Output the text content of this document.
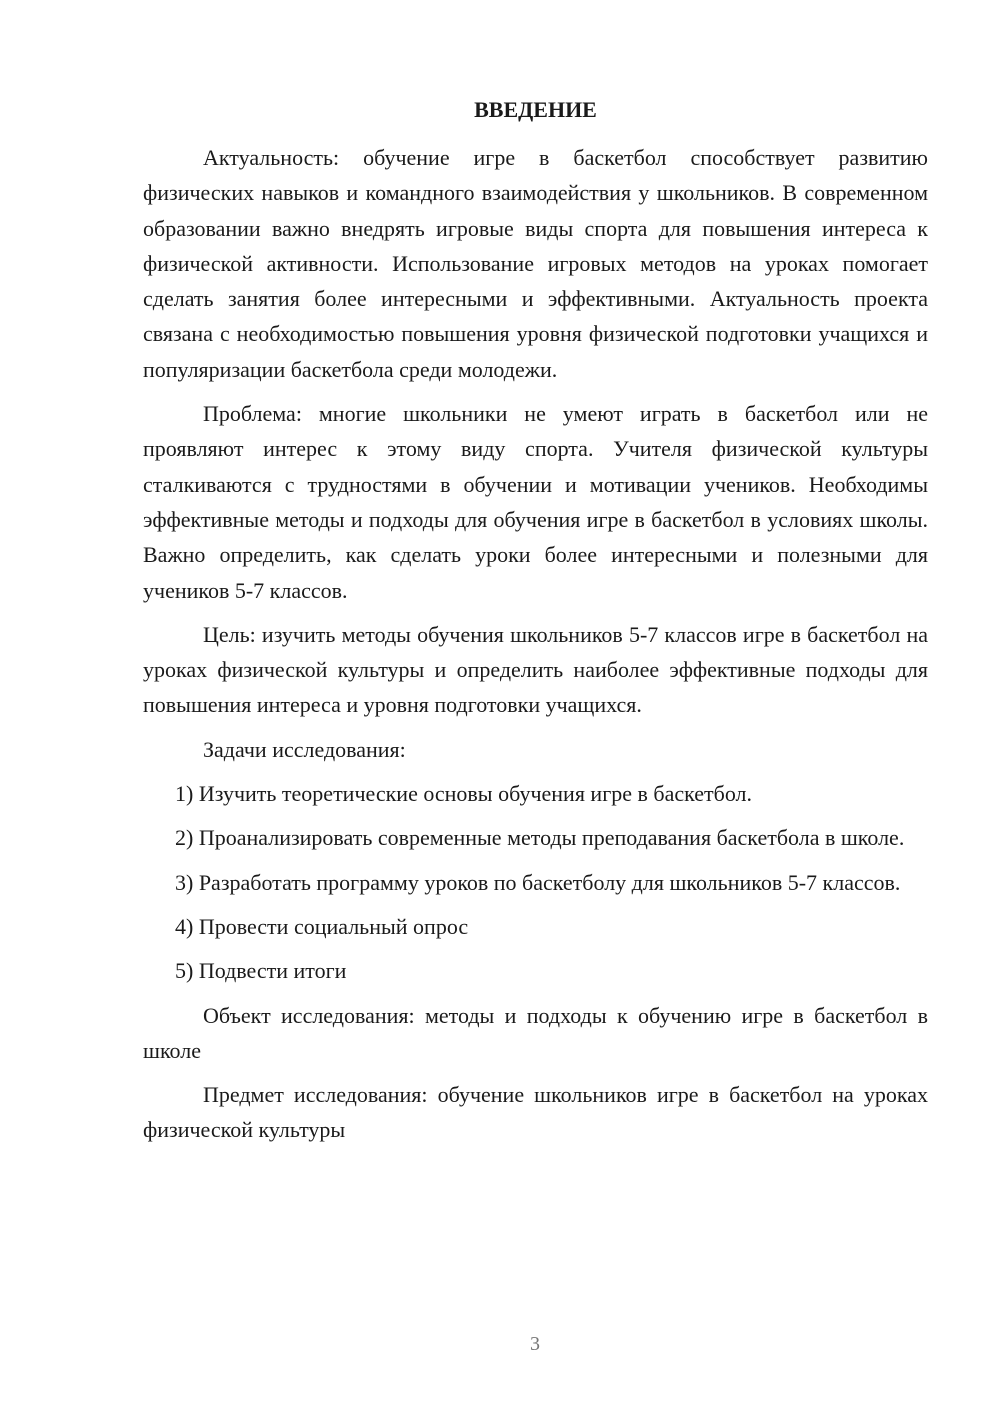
ВВЕДЕНИЕ

Актуальность: обучение игре в баскетбол способствует развитию физических навыков и командного взаимодействия у школьников. В современном образовании важно внедрять игровые виды спорта для повышения интереса к физической активности. Использование игровых методов на уроках помогает сделать занятия более интересными и эффективными. Актуальность проекта связана с необходимостью повышения уровня физической подготовки учащихся и популяризации баскетбола среди молодежи.

Проблема: многие школьники не умеют играть в баскетбол или не проявляют интерес к этому виду спорта. Учителя физической культуры сталкиваются с трудностями в обучении и мотивации учеников. Необходимы эффективные методы и подходы для обучения игре в баскетбол в условиях школы. Важно определить, как сделать уроки более интересными и полезными для учеников 5-7 классов.

Цель: изучить методы обучения школьников 5-7 классов игре в баскетбол на уроках физической культуры и определить наиболее эффективные подходы для повышения интереса и уровня подготовки учащихся.

Задачи исследования:

1) Изучить теоретические основы обучения игре в баскетбол.

2) Проанализировать современные методы преподавания баскетбола в школе.

3) Разработать программу уроков по баскетболу для школьников 5-7 классов.

4) Провести социальный опрос

5) Подвести итоги

Объект исследования: методы и подходы к обучению игре в баскетбол в школе

Предмет исследования: обучение школьников игре в баскетбол на уроках физической культуры

3
